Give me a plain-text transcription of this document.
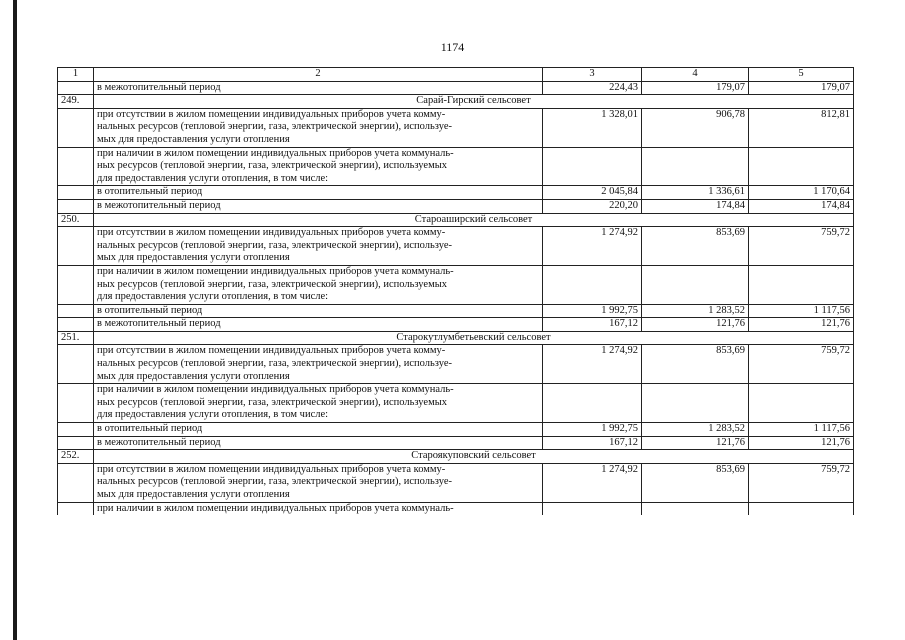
1174
1	2	3	4	5
	в межотопительный период	224,43	179,07	179,07
249.	Сарай-Гирский сельсовет			
	при отсутствии в жилом помещении индивидуальных приборов учета комму-
нальных ресурсов (тепловой энергии, газа, электрической энергии), используе-
мых для предоставления услуги отопления	1 328,01	906,78	812,81
	при наличии в жилом помещении индивидуальных приборов учета коммуналь-
ных ресурсов (тепловой энергии, газа, электрической энергии), используемых
для предоставления услуги отопления, в том числе:			
	в отопительный период	2 045,84	1 336,61	1 170,64
	в межотопительный период	220,20	174,84	174,84
250.	Староаширский сельсовет			
	при отсутствии в жилом помещении индивидуальных приборов учета комму-
нальных ресурсов (тепловой энергии, газа, электрической энергии), используе-
мых для предоставления услуги отопления	1 274,92	853,69	759,72
	при наличии в жилом помещении индивидуальных приборов учета коммуналь-
ных ресурсов (тепловой энергии, газа, электрической энергии), используемых
для предоставления услуги отопления, в том числе:			
	в отопительный период	1 992,75	1 283,52	1 117,56
	в межотопительный период	167,12	121,76	121,76
251.	Старокутлумбетьевский сельсовет			
	при отсутствии в жилом помещении индивидуальных приборов учета комму-
нальных ресурсов (тепловой энергии, газа, электрической энергии), используе-
мых для предоставления услуги отопления	1 274,92	853,69	759,72
	при наличии в жилом помещении индивидуальных приборов учета коммуналь-
ных ресурсов (тепловой энергии, газа, электрической энергии), используемых
для предоставления услуги отопления, в том числе:			
	в отопительный период	1 992,75	1 283,52	1 117,56
	в межотопительный период	167,12	121,76	121,76
252.	Староякуповский сельсовет			
	при отсутствии в жилом помещении индивидуальных приборов учета комму-
нальных ресурсов (тепловой энергии, газа, электрической энергии), используе-
мых для предоставления услуги отопления	1 274,92	853,69	759,72
	при наличии в жилом помещении индивидуальных приборов учета коммуналь-			
